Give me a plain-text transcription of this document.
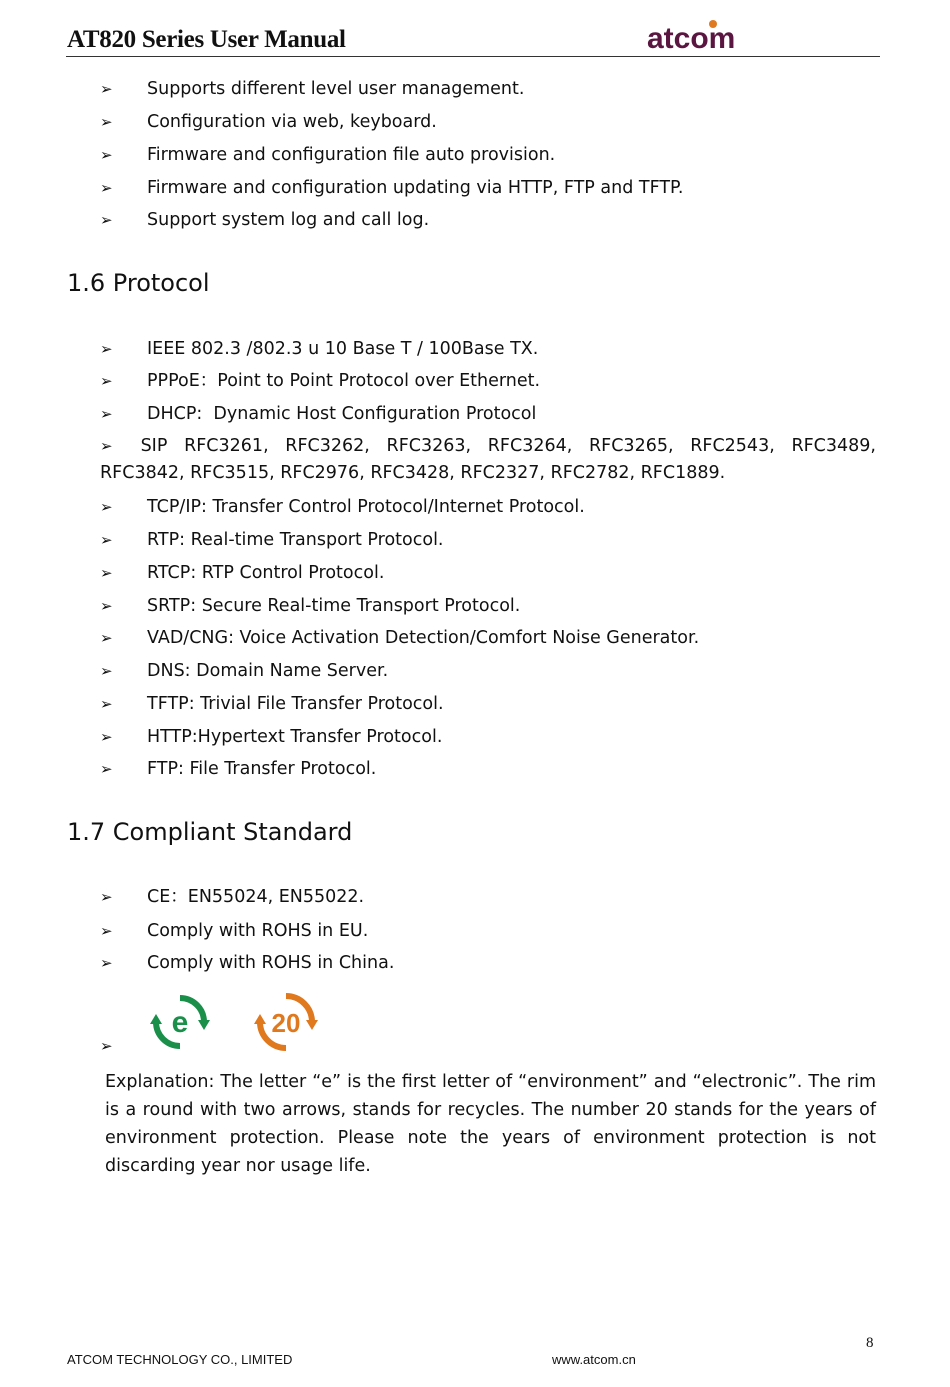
AT820 Series User Manual	atcom
➢ Supports different level user management.
➢ Configuration via web, keyboard.
➢ Firmware and configuration file auto provision.
➢ Firmware and configuration updating via HTTP, FTP and TFTP.
➢ Support system log and call log.
1.6 Protocol
➢ IEEE 802.3 /802.3 u 10 Base T / 100Base TX.
➢ PPPoE：Point to Point Protocol over Ethernet.
➢ DHCP:  Dynamic Host Configuration Protocol
➢ SIP RFC3261, RFC3262, RFC3263, RFC3264, RFC3265, RFC2543, RFC3489, RFC3842, RFC3515, RFC2976, RFC3428, RFC2327, RFC2782, RFC1889.
➢ TCP/IP: Transfer Control Protocol/Internet Protocol.
➢ RTP: Real-time Transport Protocol.
➢ RTCP: RTP Control Protocol.
➢ SRTP: Secure Real-time Transport Protocol.
➢ VAD/CNG: Voice Activation Detection/Comfort Noise Generator.
➢ DNS: Domain Name Server.
➢ TFTP: Trivial File Transfer Protocol.
➢ HTTP:Hypertext Transfer Protocol.
➢ FTP: File Transfer Protocol.
1.7 Compliant Standard
➢ CE：EN55024, EN55022.
➢ Comply with ROHS in EU.
➢ Comply with ROHS in China.
➢
e	20
Explanation: The letter “e” is the first letter of “environment” and “electronic”. The rim is a round with two arrows, stands for recycles. The number 20 stands for the years of environment protection. Please note the years of environment protection is not discarding year nor usage life.
8
ATCOM TECHNOLOGY CO., LIMITED	www.atcom.cn
